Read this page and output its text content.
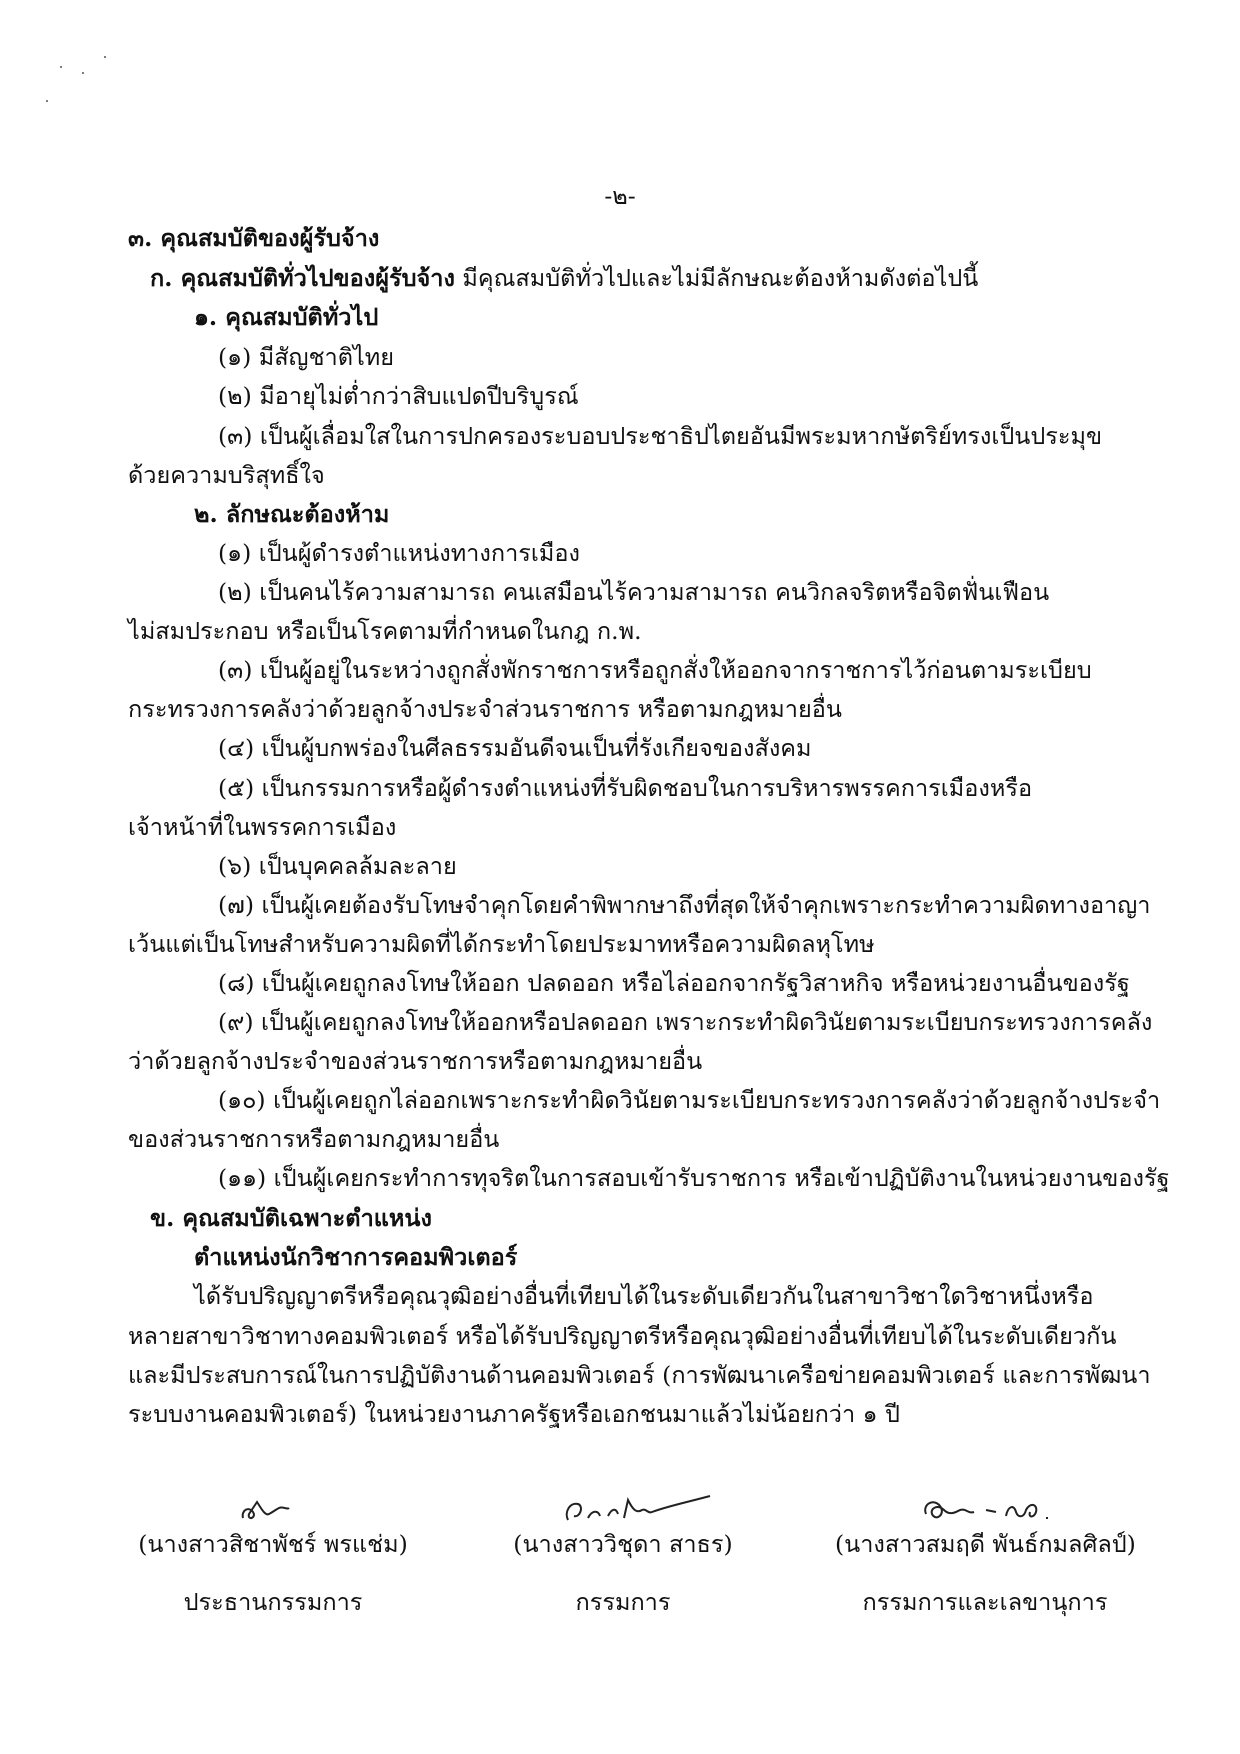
-๒-
๓. คุณสมบัติของผู้รับจ้าง
ก. คุณสมบัติทั่วไปของผู้รับจ้าง มีคุณสมบัติทั่วไปและไม่มีลักษณะต้องห้ามดังต่อไปนี้
๑. คุณสมบัติทั่วไป
(๑) มีสัญชาติไทย
(๒) มีอายุไม่ต่ำกว่าสิบแปดปีบริบูรณ์
(๓) เป็นผู้เลื่อมใสในการปกครองระบอบประชาธิปไตยอันมีพระมหากษัตริย์ทรงเป็นประมุข
ด้วยความบริสุทธิ์ใจ
๒. ลักษณะต้องห้าม
(๑) เป็นผู้ดำรงตำแหน่งทางการเมือง
(๒) เป็นคนไร้ความสามารถ คนเสมือนไร้ความสามารถ คนวิกลจริตหรือจิตฟั่นเฟือน
ไม่สมประกอบ หรือเป็นโรคตามที่กำหนดในกฎ ก.พ.
(๓) เป็นผู้อยู่ในระหว่างถูกสั่งพักราชการหรือถูกสั่งให้ออกจากราชการไว้ก่อนตามระเบียบ
กระทรวงการคลังว่าด้วยลูกจ้างประจำส่วนราชการ หรือตามกฎหมายอื่น
(๔) เป็นผู้บกพร่องในศีลธรรมอันดีจนเป็นที่รังเกียจของสังคม
(๕) เป็นกรรมการหรือผู้ดำรงตำแหน่งที่รับผิดชอบในการบริหารพรรคการเมืองหรือ
เจ้าหน้าที่ในพรรคการเมือง
(๖) เป็นบุคคลล้มละลาย
(๗) เป็นผู้เคยต้องรับโทษจำคุกโดยคำพิพากษาถึงที่สุดให้จำคุกเพราะกระทำความผิดทางอาญา
เว้นแต่เป็นโทษสำหรับความผิดที่ได้กระทำโดยประมาทหรือความผิดลหุโทษ
(๘) เป็นผู้เคยถูกลงโทษให้ออก ปลดออก หรือไล่ออกจากรัฐวิสาหกิจ หรือหน่วยงานอื่นของรัฐ
(๙) เป็นผู้เคยถูกลงโทษให้ออกหรือปลดออก เพราะกระทำผิดวินัยตามระเบียบกระทรวงการคลัง
ว่าด้วยลูกจ้างประจำของส่วนราชการหรือตามกฎหมายอื่น
(๑๐) เป็นผู้เคยถูกไล่ออกเพราะกระทำผิดวินัยตามระเบียบกระทรวงการคลังว่าด้วยลูกจ้างประจำ
ของส่วนราชการหรือตามกฎหมายอื่น
(๑๑) เป็นผู้เคยกระทำการทุจริตในการสอบเข้ารับราชการ หรือเข้าปฏิบัติงานในหน่วยงานของรัฐ
ข. คุณสมบัติเฉพาะตำแหน่ง
ตำแหน่งนักวิชาการคอมพิวเตอร์
ได้รับปริญญาตรีหรือคุณวุฒิอย่างอื่นที่เทียบได้ในระดับเดียวกันในสาขาวิชาใดวิชาหนึ่งหรือ
หลายสาขาวิชาทางคอมพิวเตอร์ หรือได้รับปริญญาตรีหรือคุณวุฒิอย่างอื่นที่เทียบได้ในระดับเดียวกัน
และมีประสบการณ์ในการปฏิบัติงานด้านคอมพิวเตอร์ (การพัฒนาเครือข่ายคอมพิวเตอร์ และการพัฒนา
ระบบงานคอมพิวเตอร์) ในหน่วยงานภาครัฐหรือเอกชนมาแล้วไม่น้อยกว่า ๑ ปี
(นางสาวสิชาพัชร์ พรแช่ม)
ประธานกรรมการ
(นางสาววิชุดา สาธร)
กรรมการ
(นางสาวสมฤดี พันธ์กมลศิลป์)
กรรมการและเลขานุการ
